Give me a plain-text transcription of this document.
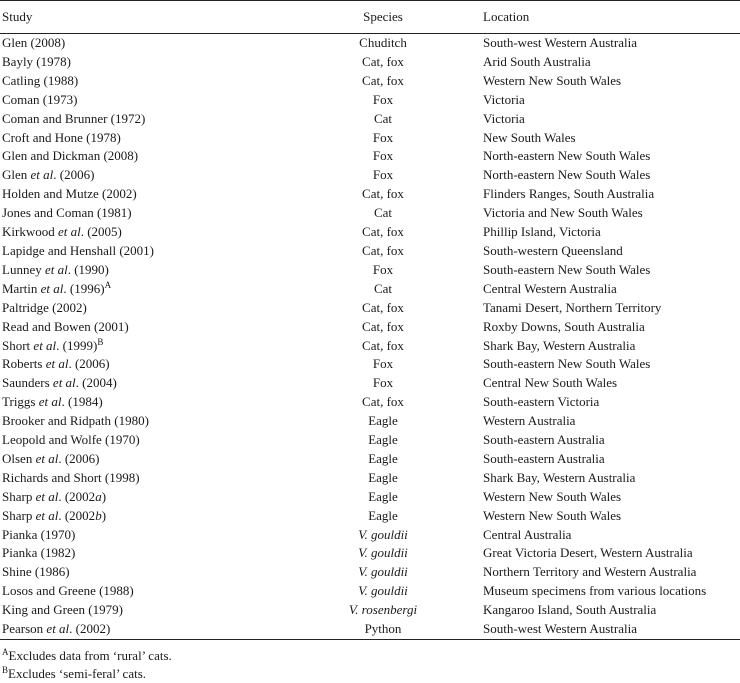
Study	Species	Location
Glen (2008)	Chuditch	South-west Western Australia
Bayly (1978)	Cat, fox	Arid South Australia
Catling (1988)	Cat, fox	Western New South Wales
Coman (1973)	Fox	Victoria
Coman and Brunner (1972)	Cat	Victoria
Croft and Hone (1978)	Fox	New South Wales
Glen and Dickman (2008)	Fox	North-eastern New South Wales
Glen et al. (2006)	Fox	North-eastern New South Wales
Holden and Mutze (2002)	Cat, fox	Flinders Ranges, South Australia
Jones and Coman (1981)	Cat	Victoria and New South Wales
Kirkwood et al. (2005)	Cat, fox	Phillip Island, Victoria
Lapidge and Henshall (2001)	Cat, fox	South-western Queensland
Lunney et al. (1990)	Fox	South-eastern New South Wales
Martin et al. $(1996)^A$	Cat	Central Western Australia
Paltridge (2002)	Cat, fox	Tanami Desert, Northern Territory
Read and Bowen (2001)	Cat, fox	Roxby Downs, South Australia
Short et al. $(1999)^B$	Cat, fox	Shark Bay, Western Australia
Roberts et al. (2006)	Fox	South-eastern New South Wales
Saunders et al. (2004)	Fox	Central New South Wales
Triggs et al. (1984)	Cat, fox	South-eastern Victoria
Brooker and Ridpath (1980)	Eagle	Western Australia
Leopold and Wolfe (1970)	Eagle	South-eastern Australia
Olsen et al. (2006)	Eagle	South-eastern Australia
Richards and Short (1998)	Eagle	Shark Bay, Western Australia
Sharp et al. (2002a)	Eagle	Western New South Wales
Sharp et al. (2002b)	Eagle	Western New South Wales
Pianka (1970)	V. gouldii	Central Australia
Pianka (1982)	V. gouldii	Great Victoria Desert, Western Australia
Shine (1986)	V. gouldii	Northern Territory and Western Australia
Losos and Greene (1988)	V. gouldii	Museum specimens from various locations
King and Green (1979)	V. rosenbergi	Kangaroo Island, South Australia
Pearson et al. (2002)	Python	South-west Western Australia
$^A$Excludes data from ‘rural’ cats.
$^B$Excludes ‘semi-feral’ cats.
